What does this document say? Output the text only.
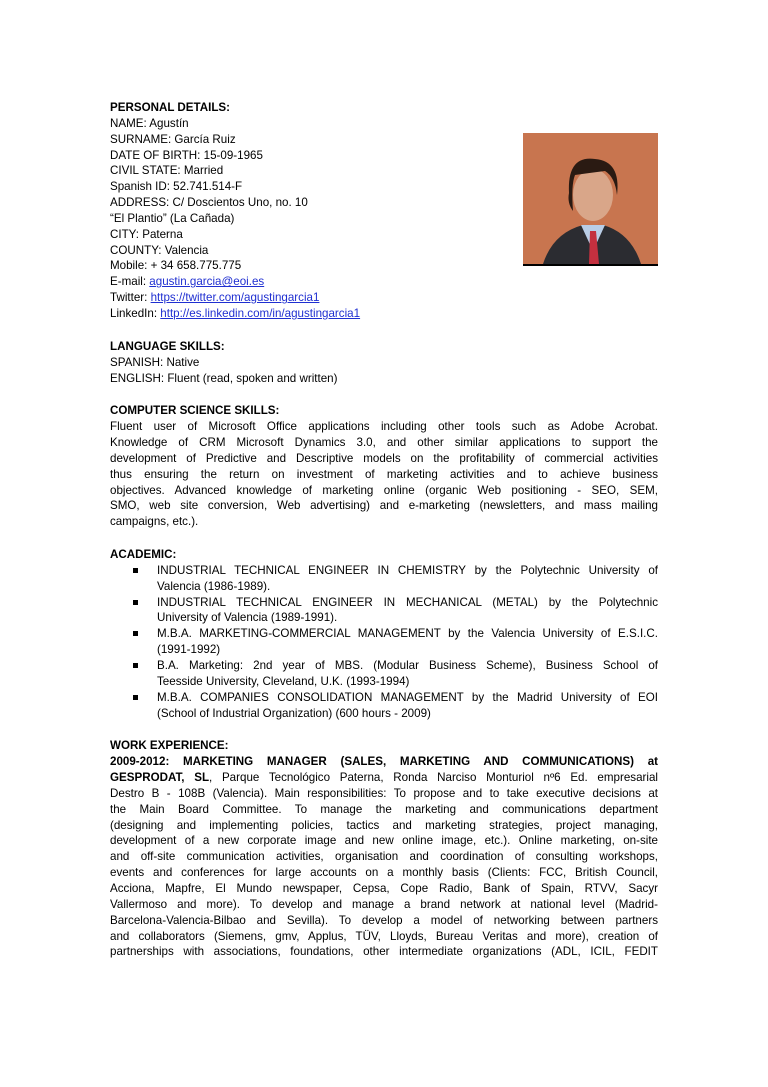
PERSONAL DETAILS:
NAME: Agustín
SURNAME: García Ruiz
DATE OF BIRTH: 15-09-1965
CIVIL STATE: Married
Spanish ID: 52.741.514-F
ADDRESS: C/ Doscientos Uno, no. 10
“El Plantio” (La Cañada)
CITY: Paterna
COUNTY: Valencia
Mobile: + 34 658.775.775
E-mail: agustin.garcia@eoi.es
Twitter: https://twitter.com/agustingarcia1
LinkedIn: http://es.linkedin.com/in/agustingarcia1
LANGUAGE SKILLS:
SPANISH: Native
ENGLISH: Fluent (read, spoken and written)
COMPUTER SCIENCE SKILLS:
Fluent user of Microsoft Office applications including other tools such as Adobe Acrobat.
Knowledge of CRM Microsoft Dynamics 3.0, and other similar applications to support the
development of Predictive and Descriptive models on the profitability of commercial activities
thus ensuring the return on investment of marketing activities and to achieve business
objectives. Advanced knowledge of marketing online (organic Web positioning - SEO, SEM,
SMO, web site conversion, Web advertising) and e-marketing (newsletters, and mass mailing
campaigns, etc.).
ACADEMIC:
INDUSTRIAL TECHNICAL ENGINEER IN CHEMISTRY by the Polytechnic University of
Valencia (1986-1989).
INDUSTRIAL TECHNICAL ENGINEER IN MECHANICAL (METAL) by the Polytechnic
University of Valencia (1989-1991).
M.B.A. MARKETING-COMMERCIAL MANAGEMENT by the Valencia University of E.S.I.C.
(1991-1992)
B.A. Marketing: 2nd year of MBS. (Modular Business Scheme), Business School of
Teesside University, Cleveland, U.K. (1993-1994)
M.B.A. COMPANIES CONSOLIDATION MANAGEMENT by the Madrid University of EOI
(School of Industrial Organization) (600 hours - 2009)
WORK EXPERIENCE:
2009-2012: MARKETING MANAGER (SALES, MARKETING AND COMMUNICATIONS) at
GESPRODAT, SL, Parque Tecnológico Paterna, Ronda Narciso Monturiol nº6 Ed. empresarial
Destro B - 108B (Valencia). Main responsibilities: To propose and to take executive decisions at
the Main Board Committee. To manage the marketing and communications department
(designing and implementing policies, tactics and marketing strategies, project managing,
development of a new corporate image and new online image, etc.). Online marketing, on-site
and off-site communication activities, organisation and coordination of consulting workshops,
events and conferences for large accounts on a monthly basis (Clients: FCC, British Council,
Acciona, Mapfre, El Mundo newspaper, Cepsa, Cope Radio, Bank of Spain, RTVV, Sacyr
Vallermoso and more). To develop and manage a brand network at national level (Madrid-
Barcelona-Valencia-Bilbao and Sevilla). To develop a model of networking between partners
and collaborators (Siemens, gmv, Applus, TÜV, Lloyds, Bureau Veritas and more), creation of
partnerships with associations, foundations, other intermediate organizations (ADL, ICIL, FEDIT
